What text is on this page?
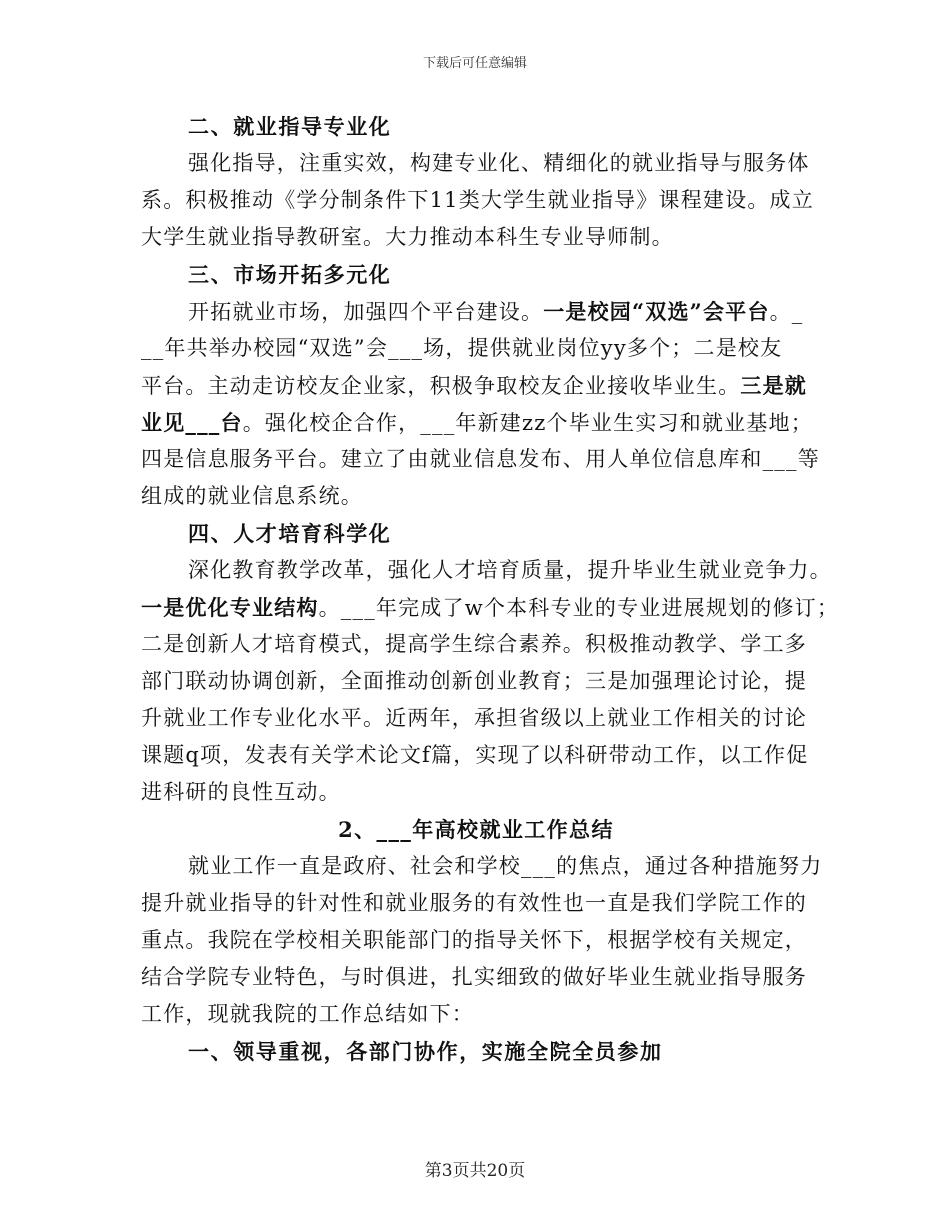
下载后可任意编辑
二、就业指导专业化
强化指导，注重实效，构建专业化、精细化的就业指导与服务体
系。积极推动《学分制条件下11类大学生就业指导》课程建设。成立
大学生就业指导教研室。大力推动本科生专业导师制。
三、市场开拓多元化
开拓就业市场，加强四个平台建设。一是校园“双选”会平台。_
__年共举办校园“双选”会___场，提供就业岗位yy多个；二是校友
平台。主动走访校友企业家，积极争取校友企业接收毕业生。三是就
业见___台。强化校企合作，___年新建zz个毕业生实习和就业基地；
四是信息服务平台。建立了由就业信息发布、用人单位信息库和___等
组成的就业信息系统。
四、人才培育科学化
深化教育教学改革，强化人才培育质量，提升毕业生就业竞争力。
一是优化专业结构。___年完成了w个本科专业的专业进展规划的修订；
二是创新人才培育模式，提高学生综合素养。积极推动教学、学工多
部门联动协调创新，全面推动创新创业教育；三是加强理论讨论，提
升就业工作专业化水平。近两年，承担省级以上就业工作相关的讨论
课题q项，发表有关学术论文f篇，实现了以科研带动工作，以工作促
进科研的良性互动。
2、___年高校就业工作总结
就业工作一直是政府、社会和学校___的焦点，通过各种措施努力
提升就业指导的针对性和就业服务的有效性也一直是我们学院工作的
重点。我院在学校相关职能部门的指导关怀下，根据学校有关规定，
结合学院专业特色，与时俱进，扎实细致的做好毕业生就业指导服务
工作，现就我院的工作总结如下：
一、领导重视，各部门协作，实施全院全员参加
第3页共20页
